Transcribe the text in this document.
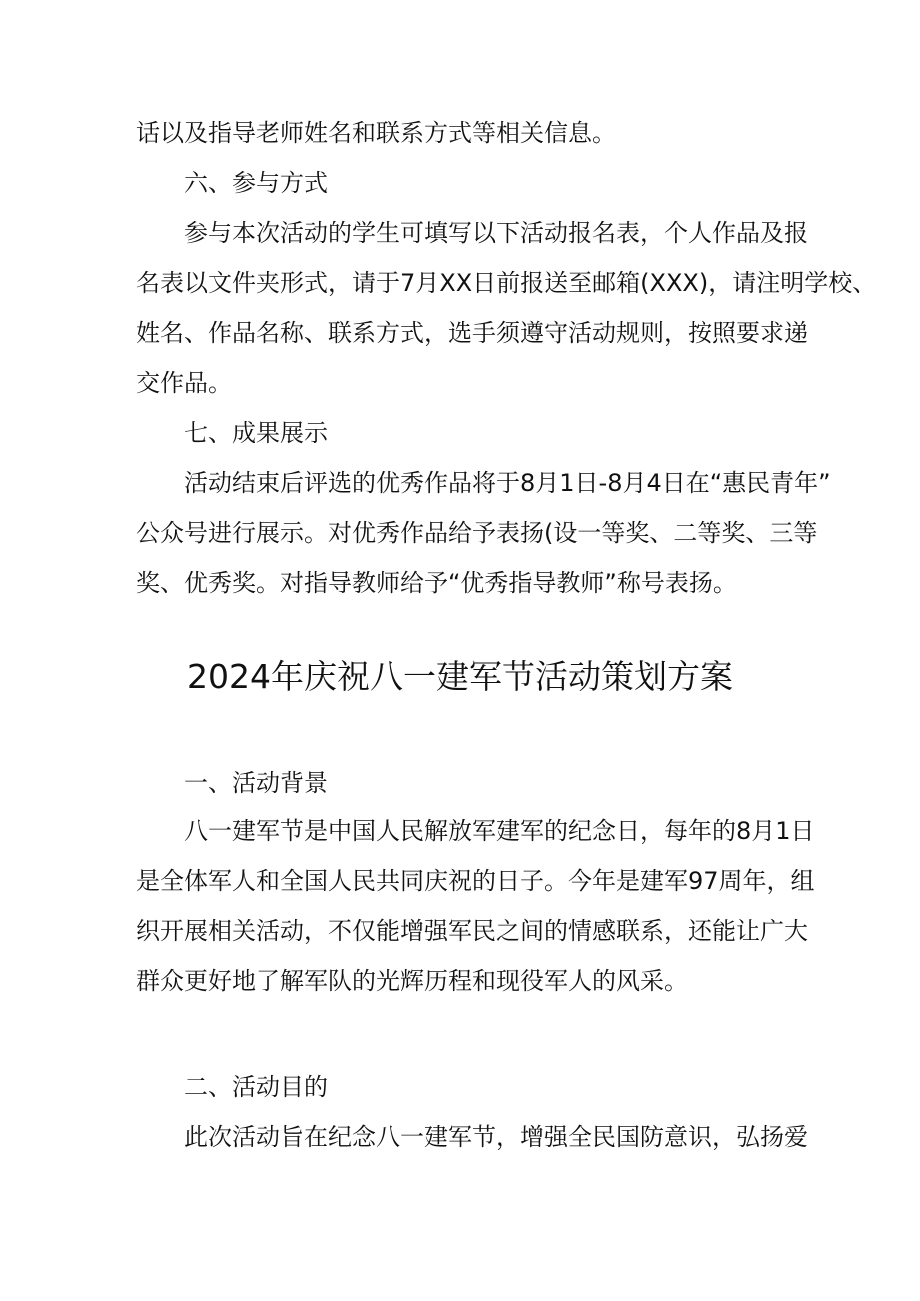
话以及指导老师姓名和联系方式等相关信息。

六、参与方式

参与本次活动的学生可填写以下活动报名表，个人作品及报

名表以文件夹形式，请于7月XX日前报送至邮箱(XXX)，请注明学校、

姓名、作品名称、联系方式，选手须遵守活动规则，按照要求递

交作品。

七、成果展示

活动结束后评选的优秀作品将于8月1日-8月4日在“惠民青年”

公众号进行展示。对优秀作品给予表扬(设一等奖、二等奖、三等

奖、优秀奖。对指导教师给予“优秀指导教师”称号表扬。

2024年庆祝八一建军节活动策划方案

一、活动背景

八一建军节是中国人民解放军建军的纪念日，每年的8月1日

是全体军人和全国人民共同庆祝的日子。今年是建军97周年，组

织开展相关活动，不仅能增强军民之间的情感联系，还能让广大

群众更好地了解军队的光辉历程和现役军人的风采。

二、活动目的

此次活动旨在纪念八一建军节，增强全民国防意识，弘扬爱
